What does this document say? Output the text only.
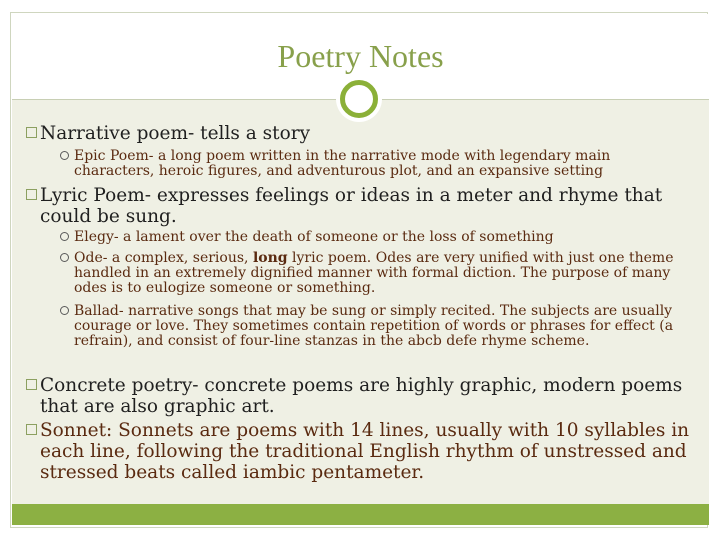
Poetry Notes
Narrative poem- tells a story
Epic Poem- a long poem written in the narrative mode with legendary main characters, heroic figures, and adventurous plot, and an expansive setting
Lyric Poem- expresses feelings or ideas in a meter and rhyme that could be sung.
Elegy- a lament over the death of someone or the loss of something
Ode- a complex, serious, long lyric poem. Odes are very unified with just one theme handled in an extremely dignified manner with formal diction. The purpose of many odes is to eulogize someone or something.
Ballad- narrative songs that may be sung or simply recited. The subjects are usually courage or love. They sometimes contain repetition of words or phrases for effect (a refrain), and consist of four-line stanzas in the abcb defe rhyme scheme.
Concrete poetry- concrete poems are highly graphic, modern poems that are also graphic art.
Sonnet: Sonnets are poems with 14 lines, usually with 10 syllables in each line, following the traditional English rhythm of unstressed and stressed beats called iambic pentameter.
